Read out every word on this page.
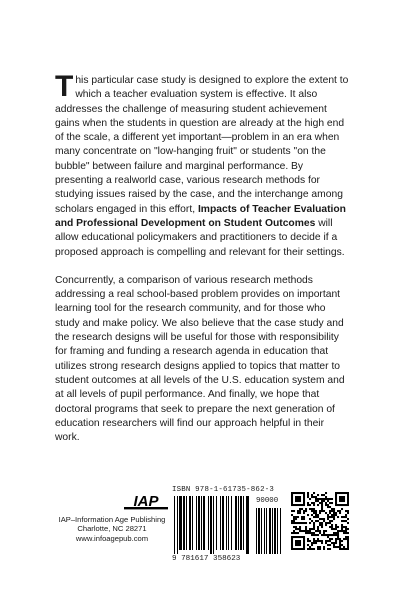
This particular case study is designed to explore the extent to which a teacher evaluation system is effective. It also addresses the challenge of measuring student achievement gains when the students in question are already at the high end of the scale, a different yet important—problem in an era when many concentrate on "low-hanging fruit" or students "on the bubble" between failure and marginal performance. By presenting a realworld case, various research methods for studying issues raised by the case, and the interchange among scholars engaged in this effort, Impacts of Teacher Evaluation and Professional Development on Student Outcomes will allow educational policymakers and practitioners to decide if a proposed approach is compelling and relevant for their settings.

Concurrently, a comparison of various research methods addressing a real school-based problem provides on important learning tool for the research community, and for those who study and make policy. We also believe that the case study and the research designs will be useful for those with responsibility for framing and funding a research agenda in education that utilizes strong research designs applied to topics that matter to student outcomes at all levels of the U.S. education system and at all levels of pupil performance. And finally, we hope that doctoral programs that seek to prepare the next generation of education researchers will find our approach helpful in their work.

IAP
IAP–Information Age Publishing
Charlotte, NC 28271
www.infoagepub.com
ISBN 978-1-61735-862-3
90000
9 781617 358623
